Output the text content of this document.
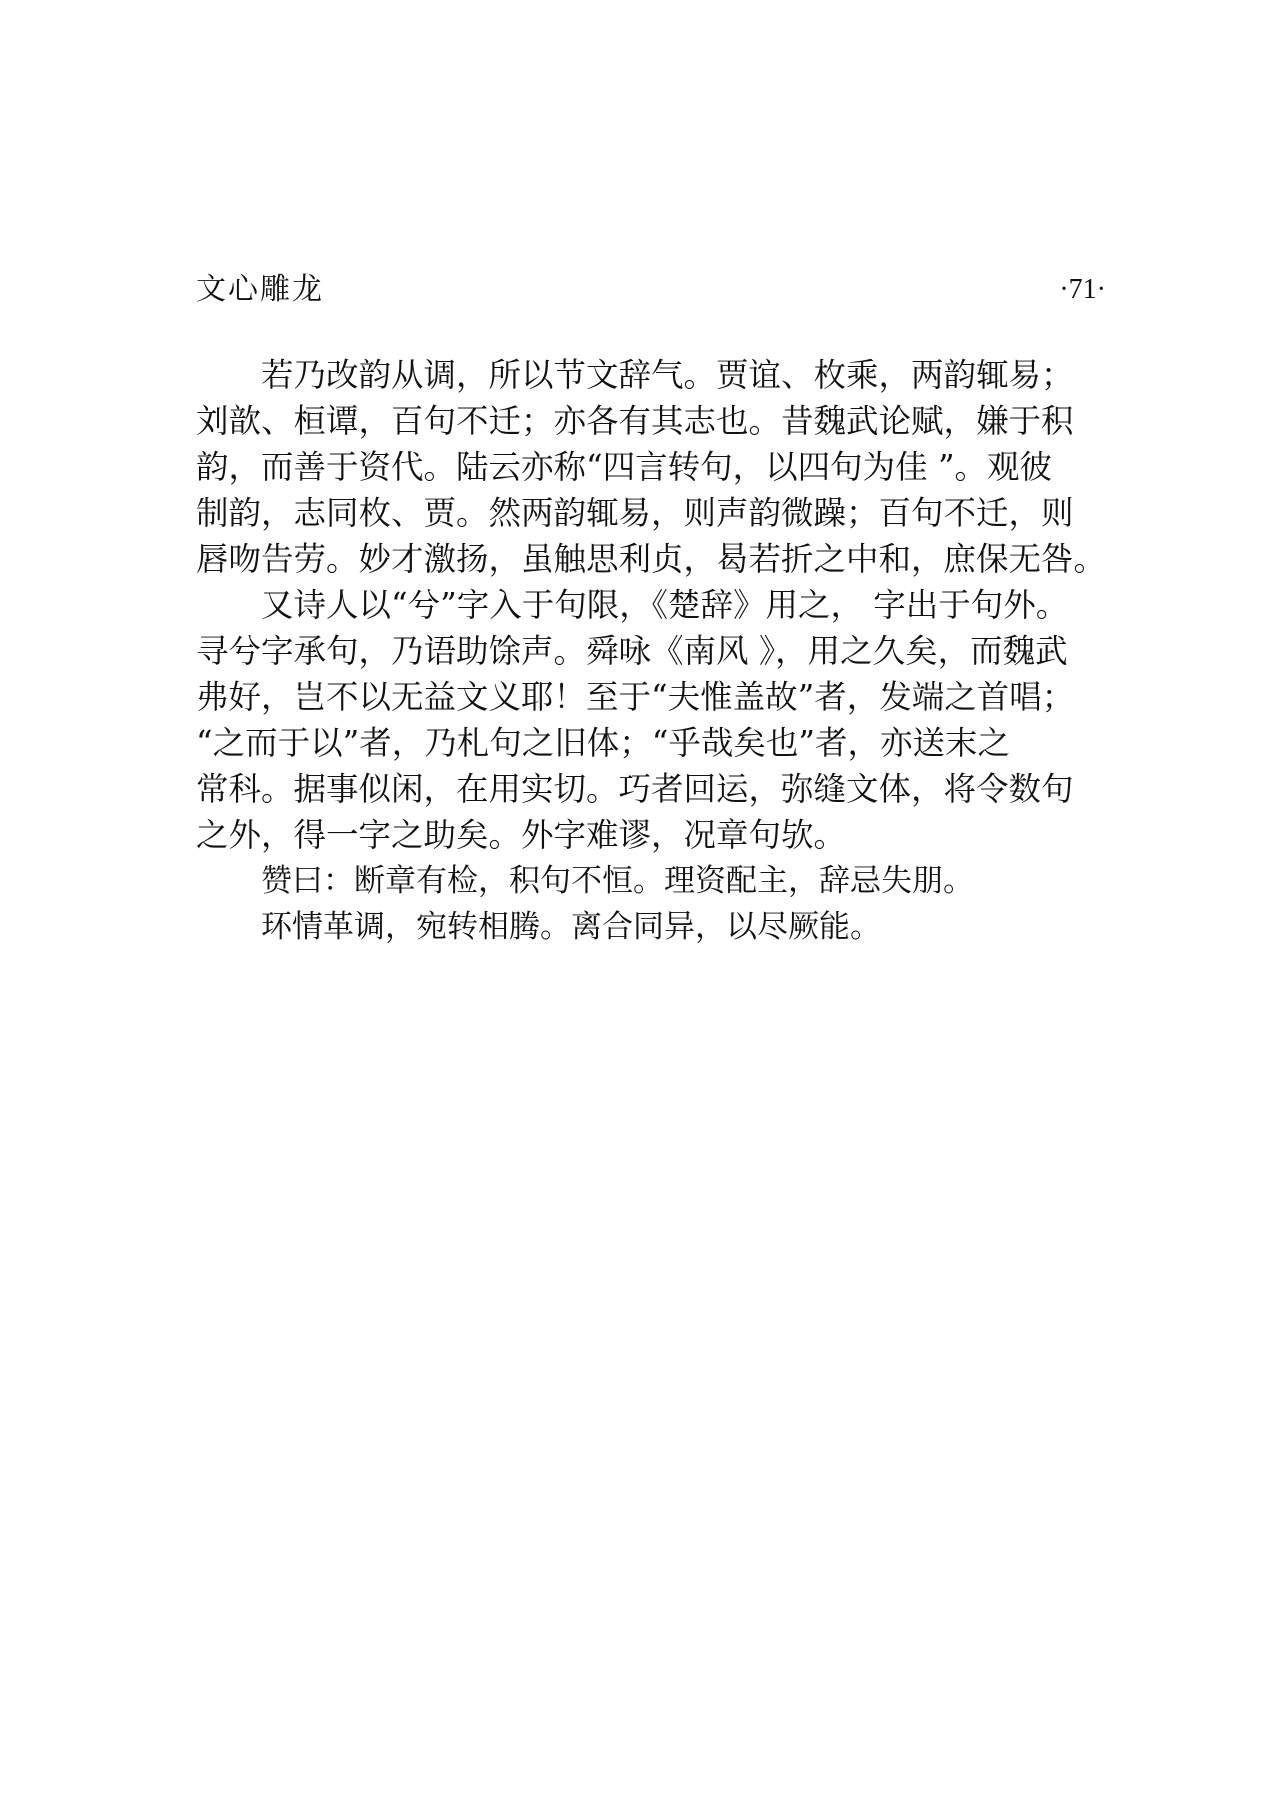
文心雕龙	·71·
若乃改韵从调，所以节文辞气。贾谊、枚乘，两韵辄易；
刘歆、桓谭，百句不迁；亦各有其志也。昔魏武论赋，嫌于积
韵，而善于资代。陆云亦称“四言转句，以四句为佳 ”。观彼
制韵，志同枚、贾。然两韵辄易，则声韵微躁；百句不迁，则
唇吻告劳。妙才激扬，虽触思利贞，曷若折之中和，庶保无咎。
又诗人以“兮”字入于句限，《楚辞》用之， 字出于句外。
寻兮字承句，乃语助馀声。舜咏《南风 》，用之久矣，而魏武
弗好，岂不以无益文义耶！至于“夫惟盖故”者，发端之首唱；
“之而于以”者，乃札句之旧体；“乎哉矣也”者，亦送末之
常科。据事似闲，在用实切。巧者回运，弥缝文体，将令数句
之外，得一字之助矣。外字难谬，况章句欤。
赞曰：断章有检，积句不恒。理资配主，辞忌失朋。
环情革调，宛转相腾。离合同异，以尽厥能。
